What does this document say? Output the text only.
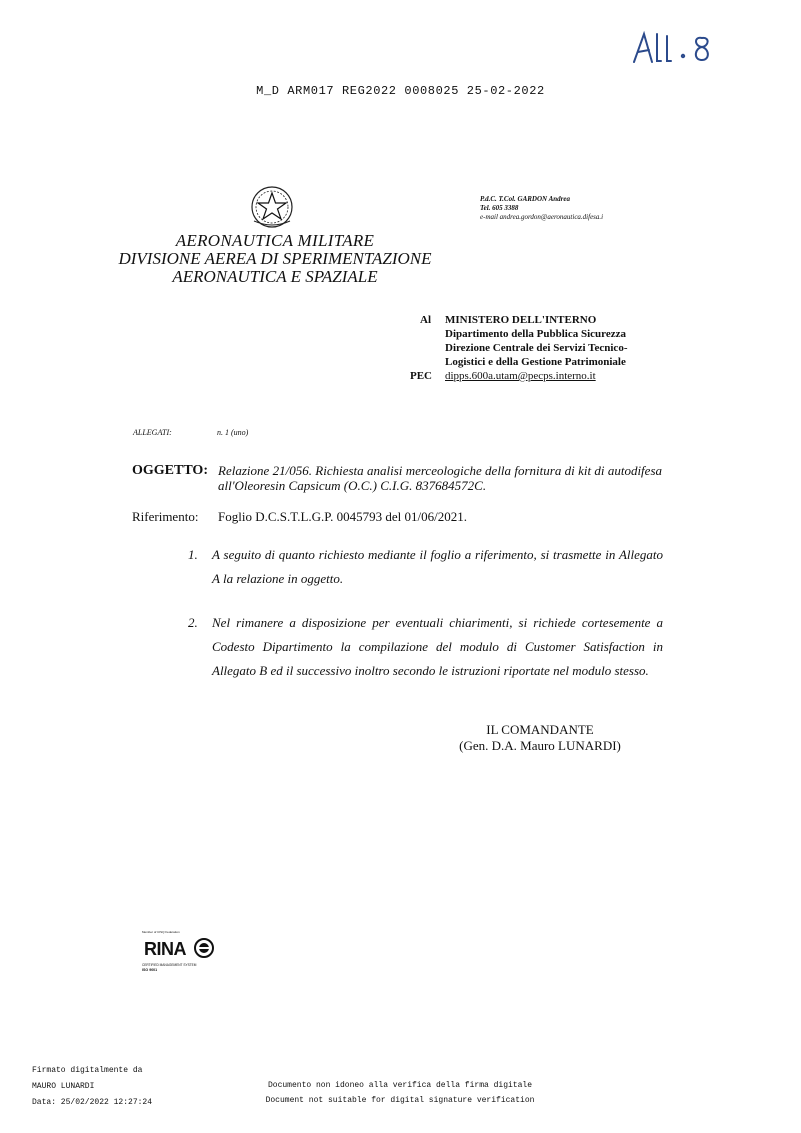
M_D ARM017 REG2022 0008025 25-02-2022
AERONAUTICA MILITARE
DIVISIONE AEREA DI SPERIMENTAZIONE
AERONAUTICA E SPAZIALE
P.d.C. T.Col. GARDON Andrea
Tel. 605 3388
e-mail andrea.gordon@aeronautica.difesa.i
Al	MINISTERO DELL'INTERNO
Dipartimento della Pubblica Sicurezza
Direzione Centrale dei Servizi Tecnico-
Logistici e della Gestione Patrimoniale
PEC	dipps.600a.utam@pecps.interno.it
ALLEGATI:	n. 1 (uno)
OGGETTO: Relazione 21/056. Richiesta analisi merceologiche della fornitura di kit di autodifesa all'Oleoresin Capsicum (O.C.) C.I.G. 837684572C.
Riferimento: Foglio D.C.S.T.L.G.P. 0045793 del 01/06/2021.
1. A seguito di quanto richiesto mediante il foglio a riferimento, si trasmette in Allegato A la relazione in oggetto.
2. Nel rimanere a disposizione per eventuali chiarimenti, si richiede cortesemente a Codesto Dipartimento la compilazione del modulo di Customer Satisfaction in Allegato B ed il successivo inoltro secondo le istruzioni riportate nel modulo stesso.
IL COMANDANTE
(Gen. D.A. Mauro LUNARDI)
Member of CISQ Federation
RINA
CERTIFIED MANAGEMENT SYSTEM
ISO 9001
Firmato digitalmente da
MAURO LUNARDI
Data: 25/02/2022 12:27:24
Documento non idoneo alla verifica della firma digitale
Document not suitable for digital signature verification
